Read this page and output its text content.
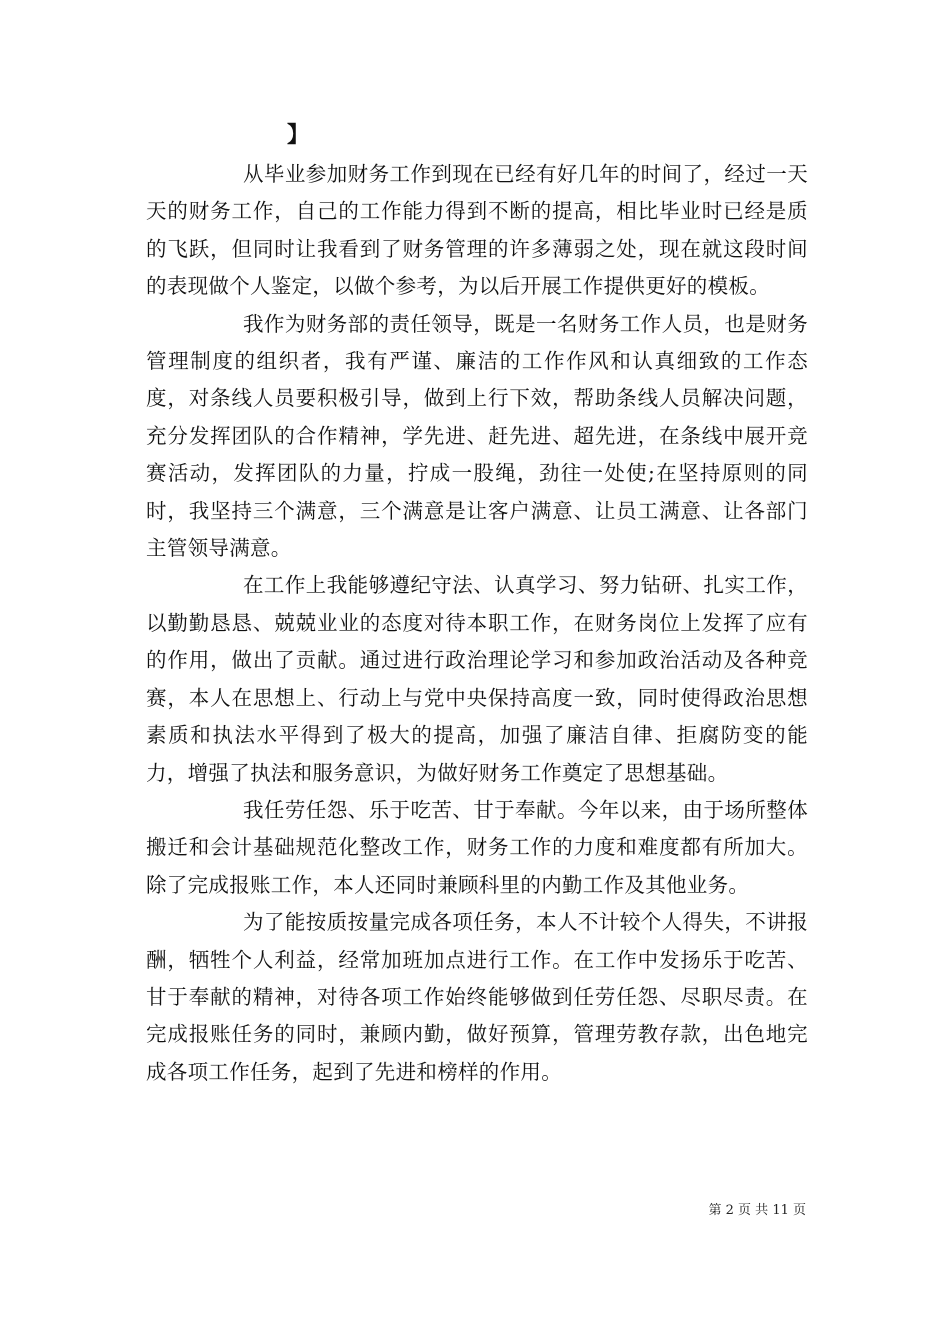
】

从毕业参加财务工作到现在已经有好几年的时间了，经过一天天的财务工作，自己的工作能力得到不断的提高，相比毕业时已经是质的飞跃，但同时让我看到了财务管理的许多薄弱之处，现在就这段时间的表现做个人鉴定，以做个参考，为以后开展工作提供更好的模板。

我作为财务部的责任领导，既是一名财务工作人员，也是财务管理制度的组织者，我有严谨、廉洁的工作作风和认真细致的工作态度，对条线人员要积极引导，做到上行下效，帮助条线人员解决问题，充分发挥团队的合作精神，学先进、赶先进、超先进，在条线中展开竞赛活动，发挥团队的力量，拧成一股绳，劲往一处使;在坚持原则的同时，我坚持三个满意，三个满意是让客户满意、让员工满意、让各部门主管领导满意。

在工作上我能够遵纪守法、认真学习、努力钻研、扎实工作，以勤勤恳恳、兢兢业业的态度对待本职工作，在财务岗位上发挥了应有的作用，做出了贡献。通过进行政治理论学习和参加政治活动及各种竞赛，本人在思想上、行动上与党中央保持高度一致，同时使得政治思想素质和执法水平得到了极大的提高，加强了廉洁自律、拒腐防变的能力，增强了执法和服务意识，为做好财务工作奠定了思想基础。

我任劳任怨、乐于吃苦、甘于奉献。今年以来，由于场所整体搬迁和会计基础规范化整改工作，财务工作的力度和难度都有所加大。除了完成报账工作，本人还同时兼顾科里的内勤工作及其他业务。

为了能按质按量完成各项任务，本人不计较个人得失，不讲报酬，牺牲个人利益，经常加班加点进行工作。在工作中发扬乐于吃苦、甘于奉献的精神，对待各项工作始终能够做到任劳任怨、尽职尽责。在完成报账任务的同时，兼顾内勤，做好预算，管理劳教存款，出色地完成各项工作任务，起到了先进和榜样的作用。

第 2 页 共 11 页
